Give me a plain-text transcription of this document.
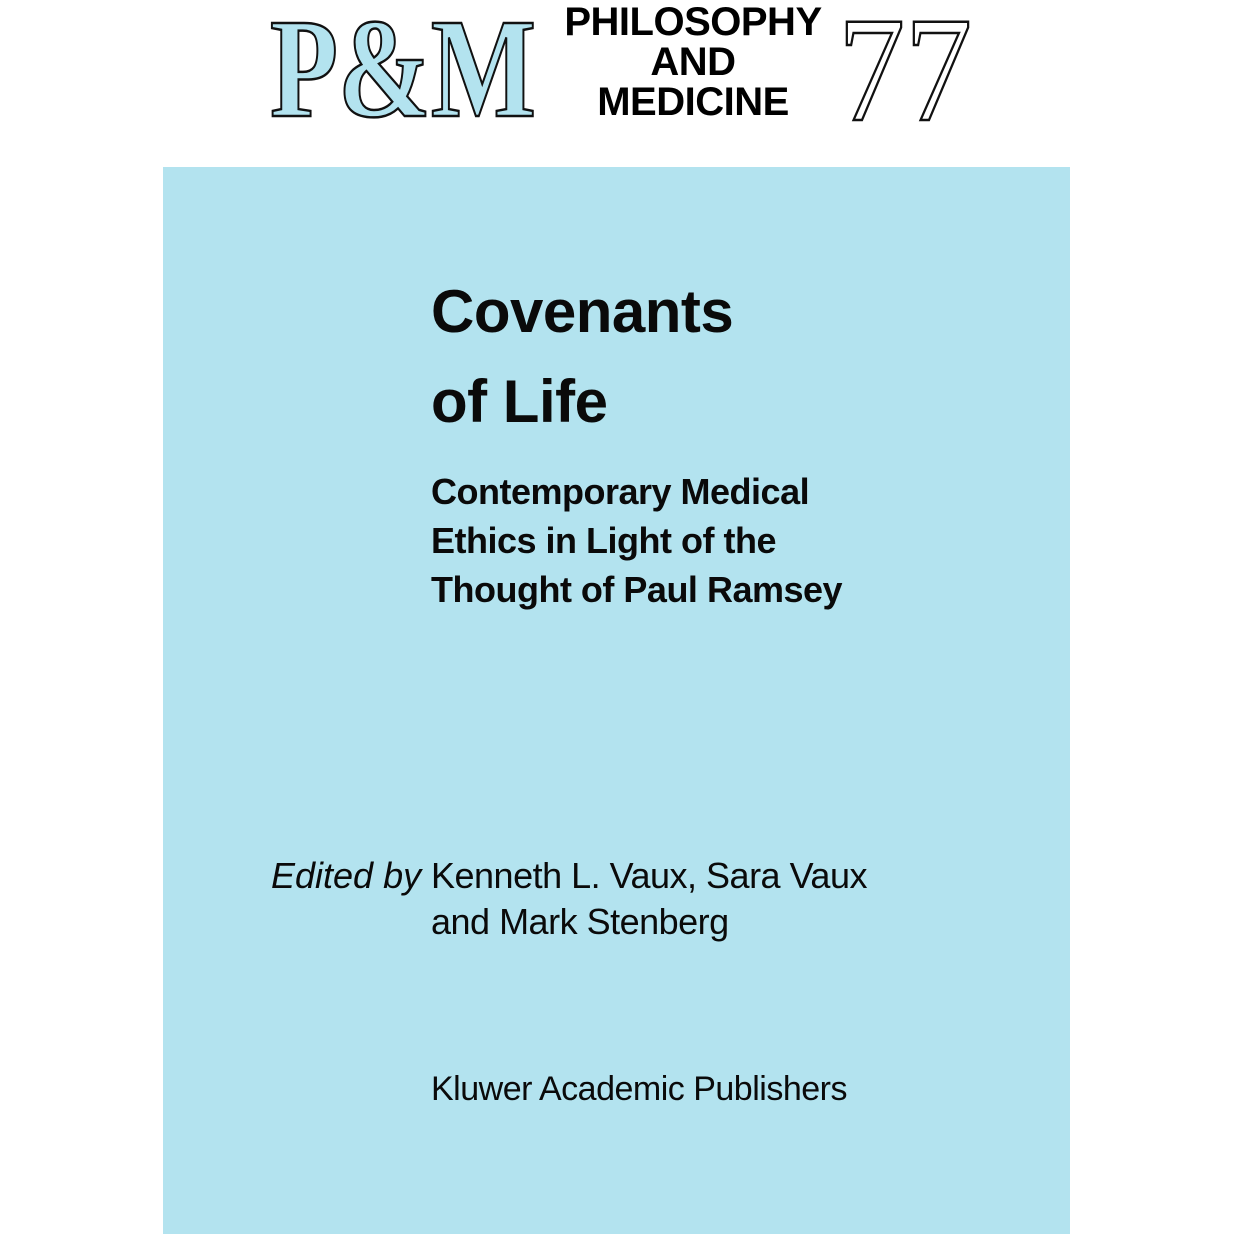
P&M PHILOSOPHY
AND
MEDICINE 77
Covenants
of Life
Contemporary Medical
Ethics in Light of the
Thought of Paul Ramsey
Edited by Kenneth L. Vaux, Sara Vaux
and Mark Stenberg
Kluwer Academic Publishers
